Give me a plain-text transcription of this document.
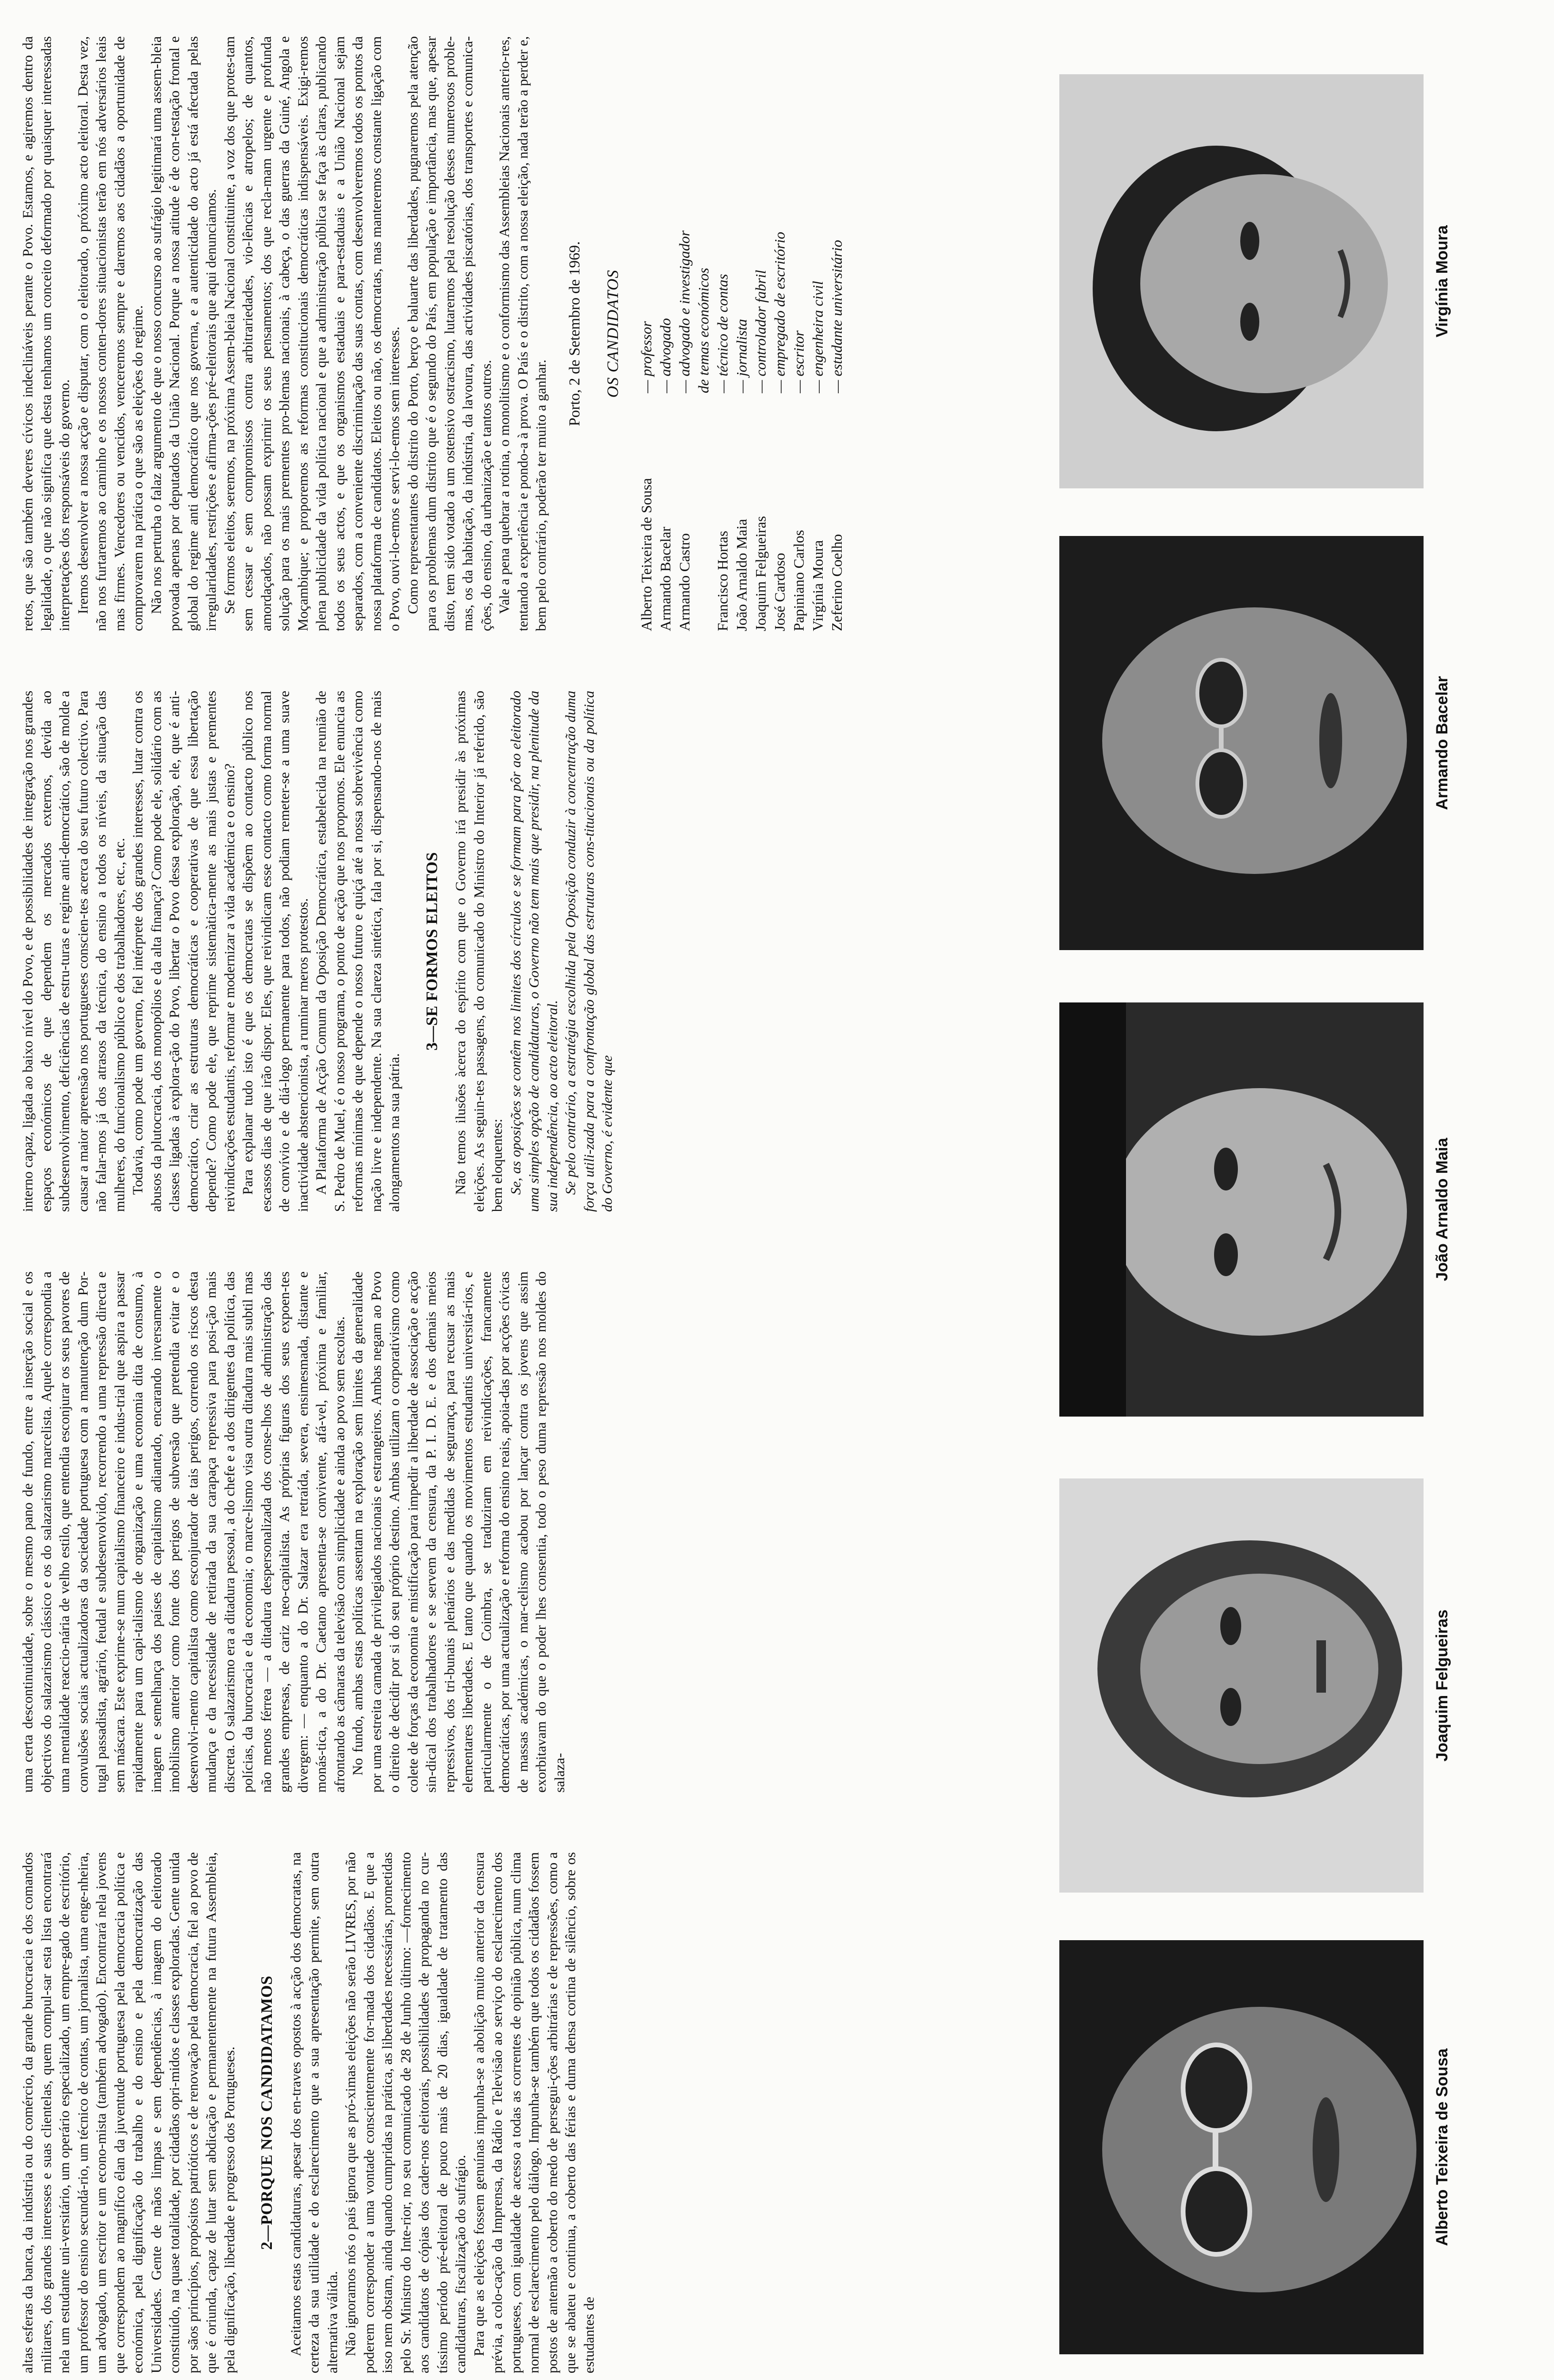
altas esferas da banca, da indústria ou do comércio, da grande burocracia e dos comandos militares, dos grandes interesses e suas clientelas, quem compul-sar esta lista encontrará nela um estudante uni-versitário, um operário especializado, um empre-gado de escritório, um professor do ensino secundá-rio, um técnico de contas, um jornalista, uma enge-nheira, um advogado, um escritor e um econo-mista (também advogado). Encontrará nela jovens que correspondem ao magnífico élan da juventude portuguesa pela democracia política e económica, pela dignificação do trabalho e do ensino e pela democratização das Universidades. Gente de mãos limpas e sem dependências, à imagem do eleitorado constituído, na quase totalidade, por cidadãos opri-midos e classes exploradas. Gente unida por sãos princípios, propósitos patrióticos e de renovação pela democracia, fiel ao povo de que é oriunda, capaz de lutar sem abdicação e permanentemente na futura Assembleia, pela dignificação, liberdade e progresso dos Portugueses. 2—PORQUE NOS CANDIDATAMOS Aceitamos estas candidaturas, apesar dos en-traves opostos à acção dos democratas, na certeza da sua utilidade e do esclarecimento que a sua apresentação permite, sem outra alternativa válida. Não ignoramos nós o país ignora que as pró-ximas eleições não serão LIVRES, por não poderem corresponder a uma vontade conscientemente for-mada dos cidadãos. E que a isso nem obstam, ainda quando cumpridas na prática, as liberdades necessárias, prometidas pelo Sr. Ministro do Inte-rior, no seu comunicado de 28 de Junho último: —fornecimento aos candidatos de cópias dos cader-nos eleitorais, possibilidades de propaganda no cur-tíssimo período pré-eleitoral de pouco mais de 20 dias, igualdade de tratamento das candidaturas, fiscalização do sufrágio. Para que as eleições fossem genuínas impunha-se a abolição muito anterior da censura prévia, a colo-cação da Imprensa, da Rádio e Televisão ao serviço do esclarecimento dos portugueses, com igualdade de acesso a todas as correntes de opinião pública, num clima normal de esclarecimento pelo diálogo. Impunha-se também que todos os cidadãos fossem postos de antemão a coberto do medo de persegui-ções arbitrárias e de repressões, como a que se abateu e continua, a coberto das férias e duma densa cortina de silêncio, sobre os estudantes de

uma certa descontinuidade, sobre o mesmo pano de fundo, entre a inserção social e os objectivos do salazarismo clássico e os do salazarismo marcelista. Aquele correspondia a uma mentalidade reaccio-nária de velho estilo, que entendia esconjurar os seus pavores de convulsões sociais actualizadoras da sociedade portuguesa com a manutenção dum Por-tugal passadista, agrário, feudal e subdesenvolvido, recorrendo a uma repressão directa e sem máscara. Este exprime-se num capitalismo financeiro e indus-trial que aspira a passar rapidamente para um capi-talismo de organização e uma economia dita de consumo, à imagem e semelhança dos países de capitalismo adiantado, encarando inversamente o imobilismo anterior como fonte dos perigos de subversão que pretendia evitar e o desenvolvi-mento capitalista como esconjurador de tais perigos, correndo os riscos desta mudança e da necessidade de retirada da sua carapaça repressiva para posi-ção mais discreta. O salazarismo era a ditadura pessoal, a do chefe e a dos dirigentes da política, das polícias, da burocracia e da economia; o marce-lismo visa outra ditadura mais subtil mas não menos férrea — a ditadura despersonalizada dos conse-lhos de administração das grandes empresas, de cariz neo-capitalista. As próprias figuras dos seus expoen-tes divergem: — enquanto a do Dr. Salazar era retraída, severa, ensimesmada, distante e monás-tica, a do Dr. Caetano apresenta-se convivente, afá-vel, próxima e familiar, afrontando as câmaras da televisão com simplicidade e ainda ao povo sem escoltas. No fundo, ambas estas políticas assentam na exploração sem limites da generalidade por uma estreita camada de privilegiados nacionais e estrangeiros. Ambas negam ao Povo o direito de decidir por si do seu próprio destino. Ambas utilizam o corporativismo como colete de forças da economia e mistificação para impedir a liberdade de associação e acção sin-dical dos trabalhadores e se servem da censura, da P. I. D. E. e dos demais meios repressivos, dos tri-bunais plenários e das medidas de segurança, para recusar as mais elementares liberdades. E tanto que quando os movimentos estudantis universitá-rios, e particularmente o de Coimbra, se traduziram em reivindicações, francamente democráticas, por uma actualização e reforma do ensino reais, apoia-das por acções cívicas de massas académicas, o mar-celismo acabou por lançar contra os jovens que assim exorbitavam do que o poder lhes consentia, todo o peso duma repressão nos moldes do salaza-

interno capaz, ligada ao baixo nível do Povo, e de possibilidades de integração nos grandes espaços económicos de que dependem os mercados externos, devida ao subdesenvolvimento, deficiências de estru-turas e regime anti-democrático, são de molde a causar a maior apreensão nos portugueses conscien-tes acerca do seu futuro colectivo. Para não falar-mos já dos atrasos da técnica, do ensino a todos os níveis, da situação das mulheres, do funcionalismo público e dos trabalhadores, etc., etc. Todavia, como pode um governo, fiel intérprete dos grandes interesses, lutar contra os abusos da plutocracia, dos monopólios e da alta finança? Como pode ele, solidário com as classes ligadas à explora-ção do Povo, libertar o Povo dessa exploração, ele, que é anti-democrático, criar as estruturas democráticas e cooperativas de que essa libertação depende? Como pode ele, que reprime sistemàtica-mente as mais justas e prementes reivindicações estudantis, reformar e modernizar a vida académica e o ensino? Para explanar tudo isto é que os democratas se dispõem ao contacto público nos escassos dias de que irão dispor. Eles, que reivindicam esse contacto como forma normal de convívio e de diá-logo permanente para todos, não podiam remeter-se a uma suave inactividade abstencionista, a ruminar meros protestos. A Plataforma de Acção Comum da Oposição Democrática, estabelecida na reunião de S. Pedro de Muel, é o nosso programa, o ponto de acção que nos propomos. Ele enuncia as reformas mínimas de que depende o nosso futuro e quiçá até a nossa sobrevivência como nação livre e independente. Na sua clareza sintética, fala por si, dispensando-nos de mais alongamentos na sua pátria.

3—SE FORMOS ELEITOS Não temos ilusões àcerca do espírito com que o Governo irá presidir às próximas eleições. As seguin-tes passagens, do comunicado do Ministro do Interior já referido, são bem eloquentes: Se, as oposições se contêm nos limites dos círculos e se formam para pôr ao eleitorado uma simples opção de candidaturas, o Governo não tem mais que presidir, na plenitude da sua independência, ao acto eleitoral. Se pelo contrário, a estratégia escolhida pela Oposição conduzir à concentração duma força utili-zada para a confrontação global das estruturas cons-titucionais ou da política do Governo, é evidente que

retos, que são também deveres cívicos indeclináveis perante o Povo. Estamos, e agiremos dentro da legalidade, o que não significa que desta tenhamos um conceito deformado por quaisquer interessadas interpretações dos responsáveis do governo. Iremos desenvolver a nossa acção e disputar, com o eleitorado, o próximo acto eleitoral. Desta vez, não nos furtaremos ao caminho e os nossos conten-dores situacionistas terão em nós adversários leais mas firmes. Vencedores ou vencidos, venceremos sempre e daremos aos cidadãos a oportunidade de comprovarem na prática o que são as eleições do regime. Não nos perturba o falaz argumento de que o nosso concurso ao sufrágio legitimará uma assem-bleia povoada apenas por deputados da União Nacional. Porque a nossa atitude é de con-testação frontal e global do regime anti democrático que nos governa, e a autenticidade do acto já está afectada pelas irregularidades, restrições e afirma-ções pré-eleitorais que aqui denunciamos. Se formos eleitos, seremos, na próxima Assem-bleia Nacional constituinte, a voz dos que protes-tam sem cessar e sem compromissos contra arbitrariedades, vio-lências e atropelos; de quantos, amordaçados, não possam exprimir os seus pensamentos; dos que recla-mam urgente e profunda solução para os mais prementes pro-blemas nacionais, à cabeça, o das guerras da Guiné, Angola e Moçambique; e proporemos as reformas constitucionais democráticas indispensáveis. Exigi-remos plena publicidade da vida política nacional e que a administração pública se faça às claras, publicando todos os seus actos, e que os organismos estaduais e para-estaduais e a União Nacional sejam separados, com a conveniente discriminação das suas contas, com desenvolveremos todos os pontos da nossa plataforma de candidatos. Eleitos ou não, os democratas, mas manteremos constante ligação com o Povo, ouvi-lo-emos e servi-lo-emos sem interesses. Como representantes do distrito do Porto, berço e baluarte das liberdades, pugnaremos pela atenção para os problemas dum distrito que é o segundo do País, em população e importância, mas que, apesar disto, tem sido votado a um ostensivo ostracismo, lutaremos pela resolução desses numerosos proble-mas, os da habitação, da indústria, da lavoura, das actividades piscatórias, dos transportes e comunica-ções, do ensino, da urbanização e tantos outros. Vale a pena quebrar a rotina, o monolitismo e o conformismo das Assembleias Nacionais anterio-res, tentando a experiência e pondo-a à prova. O País e o distrito, com a nossa eleição, nada terão a perder e, bem pelo contrário, poderão ter muito a ganhar.

Porto, 2 de Setembro de 1969. OS CANDIDATOS
Alberto Teixeira de Sousa
— professor
Armando Bacelar
— advogado
Armando Castro
— advogado e investigador de temas económicos
Francisco Hortas
— técnico de contas
João Arnaldo Maia
— jornalista
Joaquim Felgueiras
— controlador fabril
José Cardoso
— empregado de escritório
Papiniano Carlos
— escritor
Virgínia Moura
— engenheira civil
Zeferino Coelho
— estudante universitário
Alberto Teixeira de Sousa
Joaquim Felgueiras
João Arnaldo Maia
Armando Bacelar
Virgínia Moura
